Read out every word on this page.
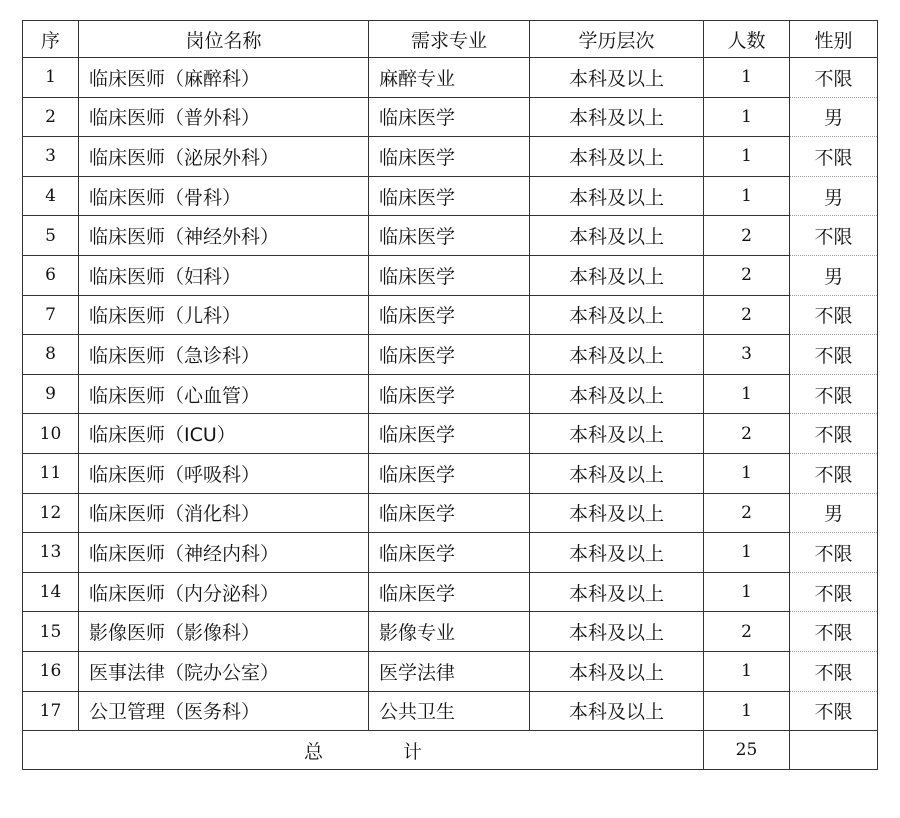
序	岗位名称	需求专业	学历层次	人数	性别
1	临床医师（麻醉科）	麻醉专业	本科及以上	1	不限
2	临床医师（普外科）	临床医学	本科及以上	1	男
3	临床医师（泌尿外科）	临床医学	本科及以上	1	不限
4	临床医师（骨科）	临床医学	本科及以上	1	男
5	临床医师（神经外科）	临床医学	本科及以上	2	不限
6	临床医师（妇科）	临床医学	本科及以上	2	男
7	临床医师（儿科）	临床医学	本科及以上	2	不限
8	临床医师（急诊科）	临床医学	本科及以上	3	不限
9	临床医师（心血管）	临床医学	本科及以上	1	不限
10	临床医师（ICU）	临床医学	本科及以上	2	不限
11	临床医师（呼吸科）	临床医学	本科及以上	1	不限
12	临床医师（消化科）	临床医学	本科及以上	2	男
13	临床医师（神经内科）	临床医学	本科及以上	1	不限
14	临床医师（内分泌科）	临床医学	本科及以上	1	不限
15	影像医师（影像科）	影像专业	本科及以上	2	不限
16	医事法律（院办公室）	医学法律	本科及以上	1	不限
17	公卫管理（医务科）	公共卫生	本科及以上	1	不限
总 计				25	
